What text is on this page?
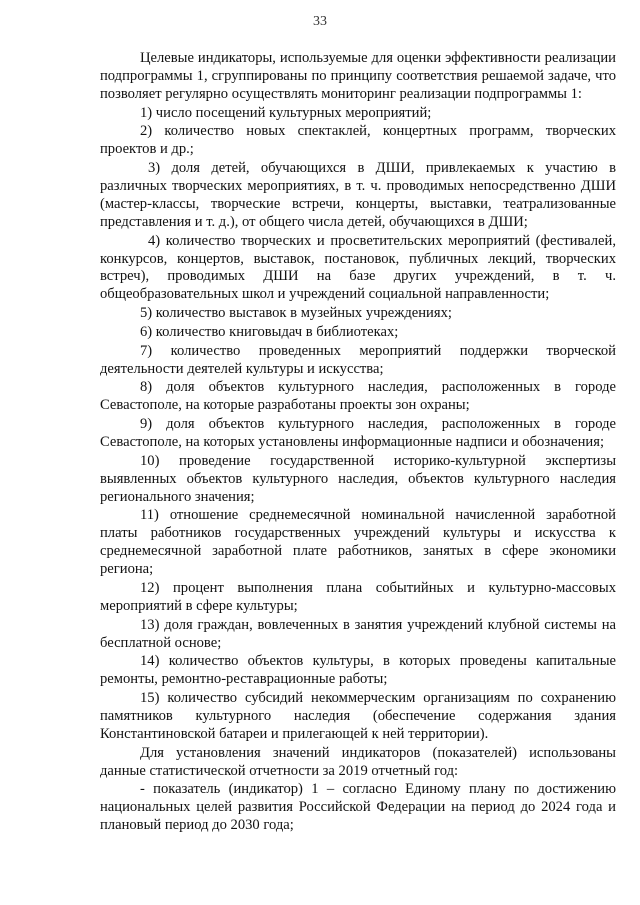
33

Целевые индикаторы, используемые для оценки эффективности реализации подпрограммы 1, сгруппированы по принципу соответствия решаемой задаче, что позволяет регулярно осуществлять мониторинг реализации подпрограммы 1:

1) число посещений культурных мероприятий;

2) количество новых спектаклей, концертных программ, творческих проектов и др.;

3) доля детей, обучающихся в ДШИ, привлекаемых к участию в различных творческих мероприятиях, в т. ч. проводимых непосредственно ДШИ (мастер-классы, творческие встречи, концерты, выставки, театрализованные представления и т. д.), от общего числа детей, обучающихся в ДШИ;

4) количество творческих и просветительских мероприятий (фестивалей, конкурсов, концертов, выставок, постановок, публичных лекций, творческих встреч), проводимых ДШИ на базе других учреждений, в т. ч. общеобразовательных школ и учреждений социальной направленности;

5) количество выставок в музейных учреждениях;

6) количество книговыдач в библиотеках;

7) количество проведенных мероприятий поддержки творческой деятельности деятелей культуры и искусства;

8) доля объектов культурного наследия, расположенных в городе Севастополе, на которые разработаны проекты зон охраны;

9) доля объектов культурного наследия, расположенных в городе Севастополе, на которых установлены информационные надписи и обозначения;

10) проведение государственной историко-культурной экспертизы выявленных объектов культурного наследия, объектов культурного наследия регионального значения;

11) отношение среднемесячной номинальной начисленной заработной платы работников государственных учреждений культуры и искусства к среднемесячной заработной плате работников, занятых в сфере экономики региона;

12) процент выполнения плана событийных и культурно-массовых мероприятий в сфере культуры;

13) доля граждан, вовлеченных в занятия учреждений клубной системы на бесплатной основе;

14) количество объектов культуры, в которых проведены капитальные ремонты, ремонтно-реставрационные работы;

15) количество субсидий некоммерческим организациям по сохранению памятников культурного наследия (обеспечение содержания здания Константиновской батареи и прилегающей к ней территории).

Для установления значений индикаторов (показателей) использованы данные статистической отчетности за 2019 отчетный год:

- показатель (индикатор) 1 – согласно Единому плану по достижению национальных целей развития Российской Федерации на период до 2024 года и плановый период до 2030 года;
